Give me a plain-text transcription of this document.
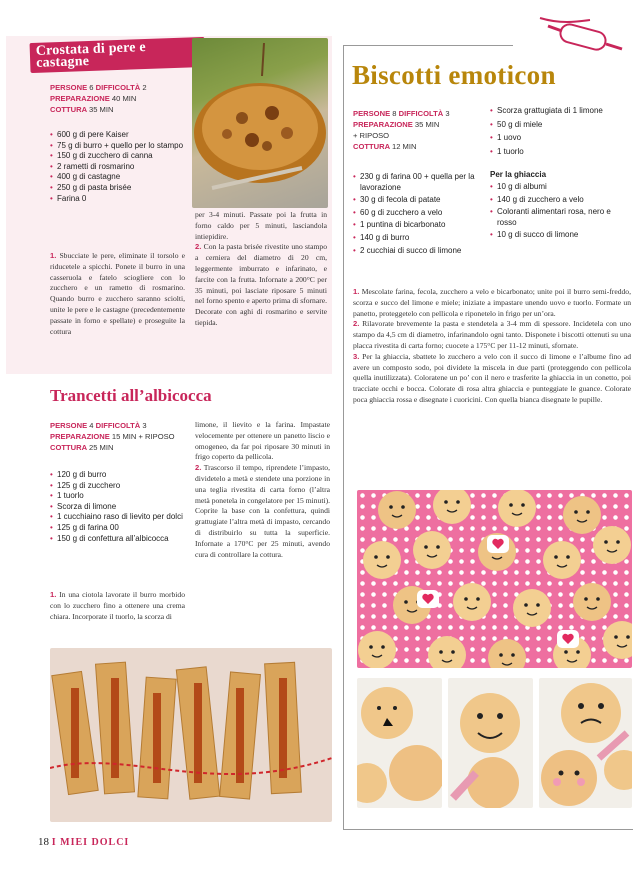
Crostata di pere e castagne
PERSONE 6 DIFFICOLTÀ 2
PREPARAZIONE 40 MIN
COTTURA 35 MIN
• 600 g di pere Kaiser
• 75 g di burro + quello per lo stampo
• 150 g di zucchero di canna
• 2 rametti di rosmarino
• 400 g di castagne
• 250 g di pasta brisée
• Farina 0
1. Sbucciate le pere, eliminate il torsolo e riducetele a spicchi. Ponete il burro in una casseruola e fatelo sciogliere con lo zucchero e un rametto di rosmarino. Quando burro e zucchero saranno sciolti, unite le pere e le castagne (precedentemente passate in forno e spellate) e proseguite la cottura
per 3-4 minuti. Passate poi la frutta in forno caldo per 5 minuti, lasciandola intiepidire.
2. Con la pasta brisée rivestite uno stampo a cerniera del diametro di 20 cm, leggermente imburrato e infarinato, e farcite con la frutta. Infornate a 200°C per 35 minuti, poi lasciate riposare 5 minuti nel forno spento e aperto prima di sfornare. Decorate con aghi di rosmarino e servite tiepida.
Trancetti all’albicocca
PERSONE 4 DIFFICOLTÀ 3
PREPARAZIONE 15 MIN + RIPOSO
COTTURA 25 MIN
• 120 g di burro
• 125 g di zucchero
• 1 tuorlo
• Scorza di limone
• 1 cucchiaino raso di lievito per dolci
• 125 g di farina 00
• 150 g di confettura all’albicocca
1. In una ciotola lavorate il burro morbido con lo zucchero fino a ottenere una crema chiara. Incorporate il tuorlo, la scorza di
limone, il lievito e la farina. Impastate velocemente per ottenere un panetto liscio e omogeneo, da far poi riposare 30 minuti in frigo coperto da pellicola.
2. Trascorso il tempo, riprendete l’impasto, dividetelo a metà e stendete una porzione in una teglia rivestita di carta forno (l’altra metà ponetela in congelatore per 15 minuti). Coprite la base con la confettura, quindi grattugiate l’altra metà di impasto, cercando di distribuirlo su tutta la superficie. Infornate a 170°C per 25 minuti, avendo cura di controllare la cottura.
Biscotti emoticon
PERSONE 8 DIFFICOLTÀ 3
PREPARAZIONE 35 MIN
+ RIPOSO
COTTURA 12 MIN
• 230 g di farina 00 + quella per la lavorazione
• 30 g di fecola di patate
• 60 g di zucchero a velo
• 1 puntina di bicarbonato
• 140 g di burro
• 2 cucchiai di succo di limone
• Scorza grattugiata di 1 limone
• 50 g di miele
• 1 uovo
• 1 tuorlo
Per la ghiaccia
• 10 g di albumi
• 140 g di zucchero a velo
• Coloranti alimentari rosa, nero e rosso
• 10 g di succo di limone
1. Mescolate farina, fecola, zucchero a velo e bicarbonato; unite poi il burro semi-freddo, scorza e succo del limone e miele; iniziate a impastare unendo uovo e tuorlo. Formate un panetto, proteggetelo con pellicola e riponetelo in frigo per un’ora.
2. Rilavorate brevemente la pasta e stendetela a 3-4 mm di spessore. Incidetela con uno stampo da 4,5 cm di diametro, infarinandolo ogni tanto. Disponete i biscotti ottenuti su una placca rivestita di carta forno; cuocete a 175°C per 11-12 minuti, sfornate.
3. Per la ghiaccia, sbattete lo zucchero a velo con il succo di limone e l’albume fino ad avere un composto sodo, poi dividete la miscela in due parti (proteggendo con pellicola quella inutilizzata). Coloratene un po’ con il nero e trasferite la ghiaccia in un conetto, poi tracciate occhi e bocca. Colorate di rosa altra ghiaccia e punteggiate le guance. Colorate poca ghiaccia rossa e disegnate i cuoricini. Con quella bianca disegnate le pupille.
18 I MIEI DOLCI
